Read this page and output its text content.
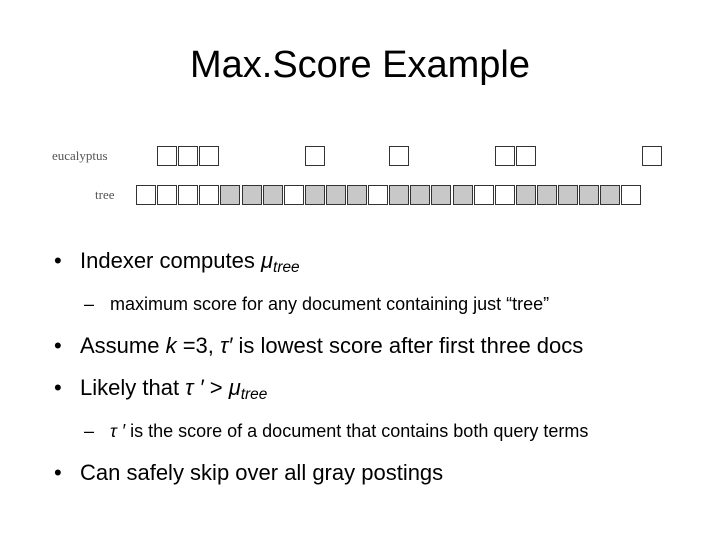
Max.Score Example
eucalyptus
tree

• Indexer computes $\mu_{tree}$

– maximum score for any document containing just “tree”

• Assume k =3, τ′ is lowest score after first three docs

• Likely that τ ′ > $\mu_{tree}$

– τ ′ is the score of a document that contains both query terms

• Can safely skip over all gray postings
